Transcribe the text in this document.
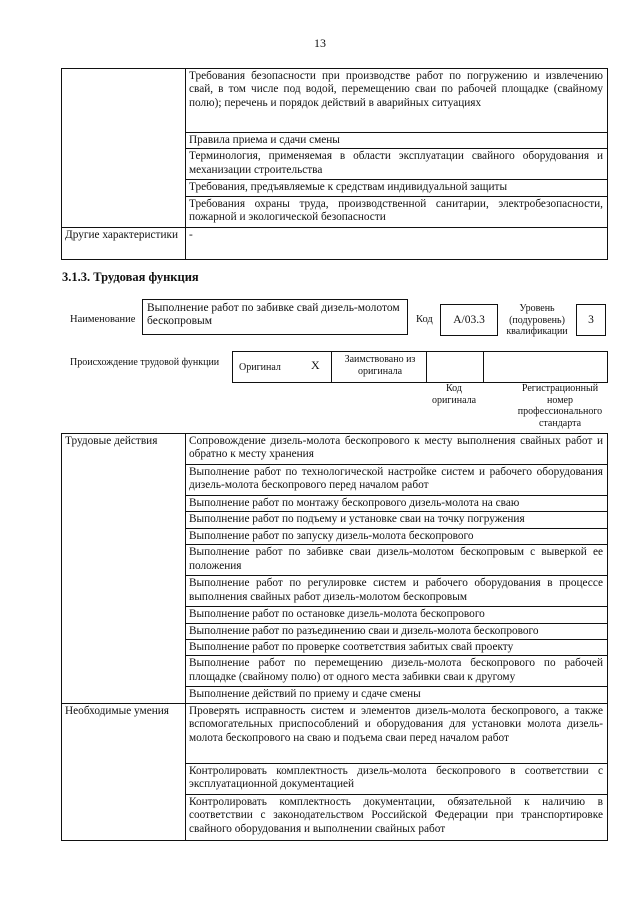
13
	Требования безопасности при производстве работ по погружению и извлечению свай, в том числе под водой, перемещению сваи по рабочей площадке (свайному полю); перечень и порядок действий в аварийных ситуациях
	Правила приема и сдачи смены
	Терминология, применяемая в области эксплуатации свайного оборудования и механизации строительства
	Требования, предъявляемые к средствам индивидуальной защиты
	Требования охраны труда, производственной санитарии, электробезопасности, пожарной и экологической безопасности
Другие характеристики	-
3.1.3. Трудовая функция
Наименование
Выполнение работ по забивке свай дизель-молотом бескопровым	Код	А/03.3
Уровень (подуровень) квалификации
3
Происхождение трудовой функции Оригинал	X	Заимствовано из оригинала
Код оригинала
Регистрационный номер профессионального стандарта
Трудовые действия	Сопровождение дизель-молота бескопрового к месту выполнения свайных работ и обратно к месту хранения
	Выполнение работ по технологической настройке систем и рабочего оборудования дизель-молота бескопрового перед началом работ
	Выполнение работ по монтажу бескопрового дизель-молота на сваю
	Выполнение работ по подъему и установке сваи на точку погружения
	Выполнение работ по запуску дизель-молота бескопрового
	Выполнение работ по забивке сваи дизель-молотом бескопровым с выверкой ее положения
	Выполнение работ по регулировке систем и рабочего оборудования в процессе выполнения свайных работ дизель-молотом бескопровым
	Выполнение работ по остановке дизель-молота бескопрового
	Выполнение работ по разъединению сваи и дизель-молота бескопрового
	Выполнение работ по проверке соответствия забитых свай проекту
	Выполнение работ по перемещению дизель-молота бескопрового по рабочей площадке (свайному полю) от одного места забивки сваи к другому
	Выполнение действий по приему и сдаче смены
Необходимые умения	Проверять исправность систем и элементов дизель-молота бескопрового, а также вспомогательных приспособлений и оборудования для установки молота дизель-молота бескопрового на сваю и подъема сваи перед началом работ
	Контролировать комплектность дизель-молота бескопрового в соответствии с эксплуатационной документацией
	Контролировать комплектность документации, обязательной к наличию в соответствии с законодательством Российской Федерации при транспортировке свайного оборудования и выполнении свайных работ
